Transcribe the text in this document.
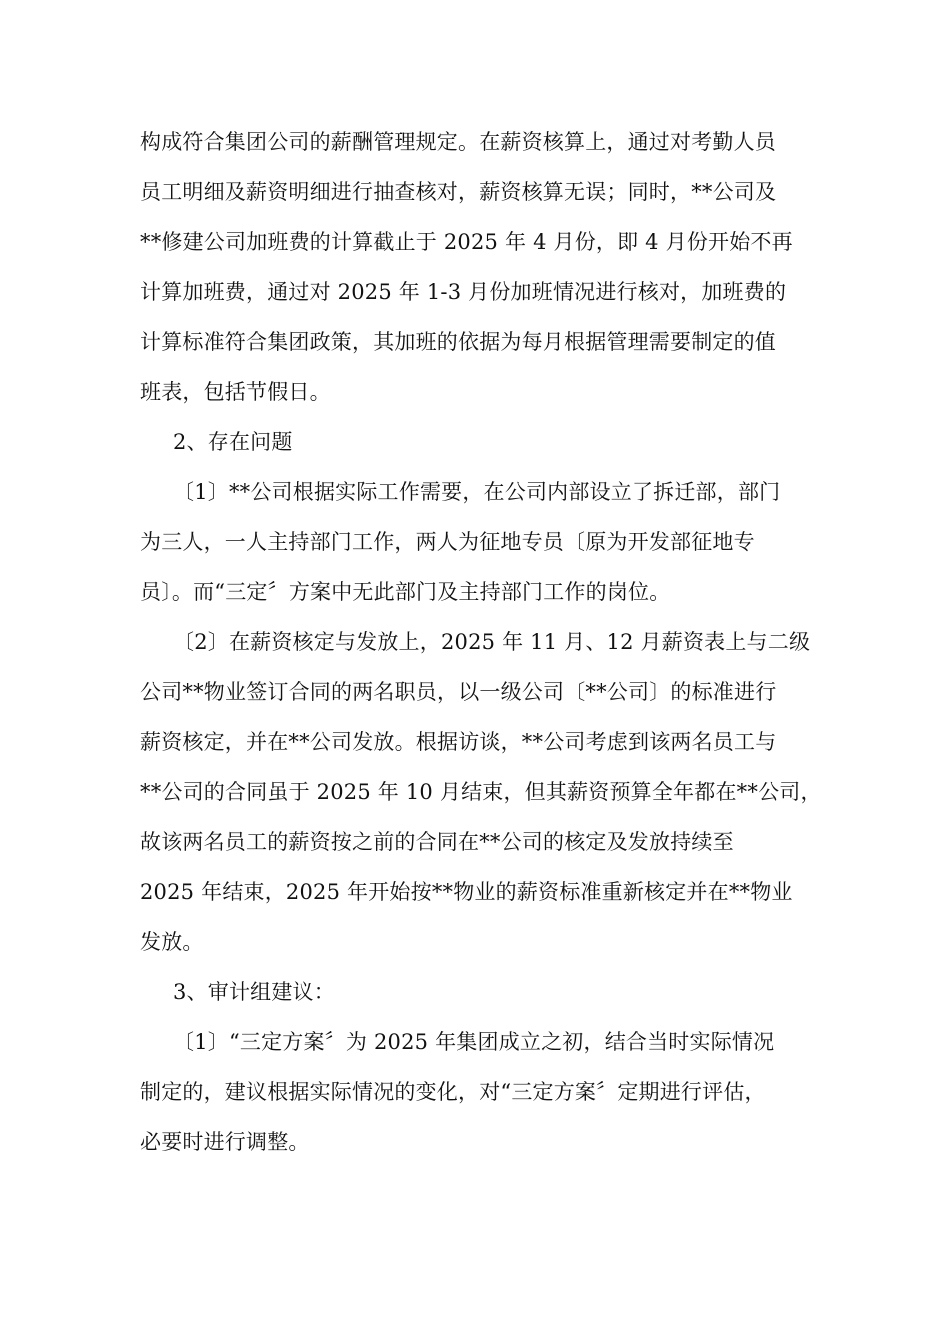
构成符合集团公司的薪酬管理规定。在薪资核算上，通过对考勤人员
员工明细及薪资明细进行抽查核对，薪资核算无误；同时，**公司及
**修建公司加班费的计算截止于 2025 年 4 月份，即 4 月份开始不再
计算加班费，通过对 2025 年 1-3 月份加班情况进行核对，加班费的
计算标准符合集团政策，其加班的依据为每月根据管理需要制定的值
班表，包括节假日。
2、存在问题
〔1〕**公司根据实际工作需要，在公司内部设立了拆迁部，部门
为三人，一人主持部门工作，两人为征地专员〔原为开发部征地专
员〕。而“三定〞方案中无此部门及主持部门工作的岗位。
〔2〕在薪资核定与发放上，2025 年 11 月、12 月薪资表上与二级
公司**物业签订合同的两名职员，以一级公司〔**公司〕的标准进行
薪资核定，并在**公司发放。根据访谈，**公司考虑到该两名员工与
**公司的合同虽于 2025 年 10 月结束，但其薪资预算全年都在**公司，
故该两名员工的薪资按之前的合同在**公司的核定及发放持续至
2025 年结束，2025 年开始按**物业的薪资标准重新核定并在**物业
发放。
3、审计组建议：
〔1〕“三定方案〞为 2025 年集团成立之初，结合当时实际情况
制定的，建议根据实际情况的变化，对“三定方案〞定期进行评估，
必要时进行调整。
